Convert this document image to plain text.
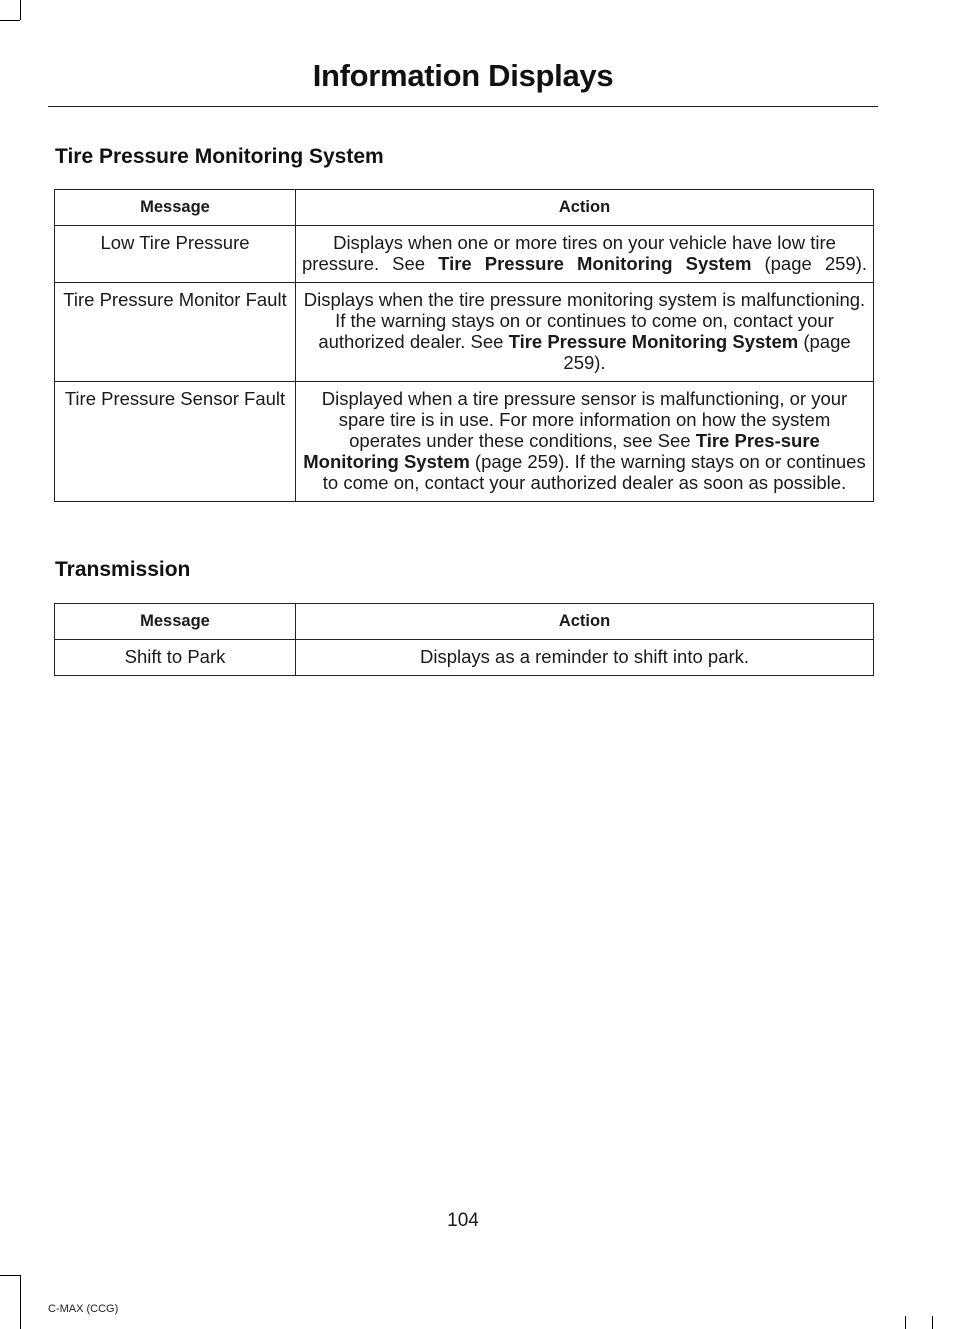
Information Displays
Tire Pressure Monitoring System
Message	Action
Low Tire Pressure	Displays when one or more tires on your vehicle have low tire pressure. See Tire Pressure Monitoring System (page 259).
Tire Pressure Monitor Fault	Displays when the tire pressure monitoring system is malfunctioning. If the warning stays on or continues to come on, contact your authorized dealer. See Tire Pressure Monitoring System (page 259).
Tire Pressure Sensor Fault	Displayed when a tire pressure sensor is malfunctioning, or your spare tire is in use. For more information on how the system operates under these conditions, see See Tire Pres-sure Monitoring System (page 259). If the warning stays on or continues to come on, contact your authorized dealer as soon as possible.
Transmission
Message	Action
Shift to Park	Displays as a reminder to shift into park.
104
C-MAX (CCG)
